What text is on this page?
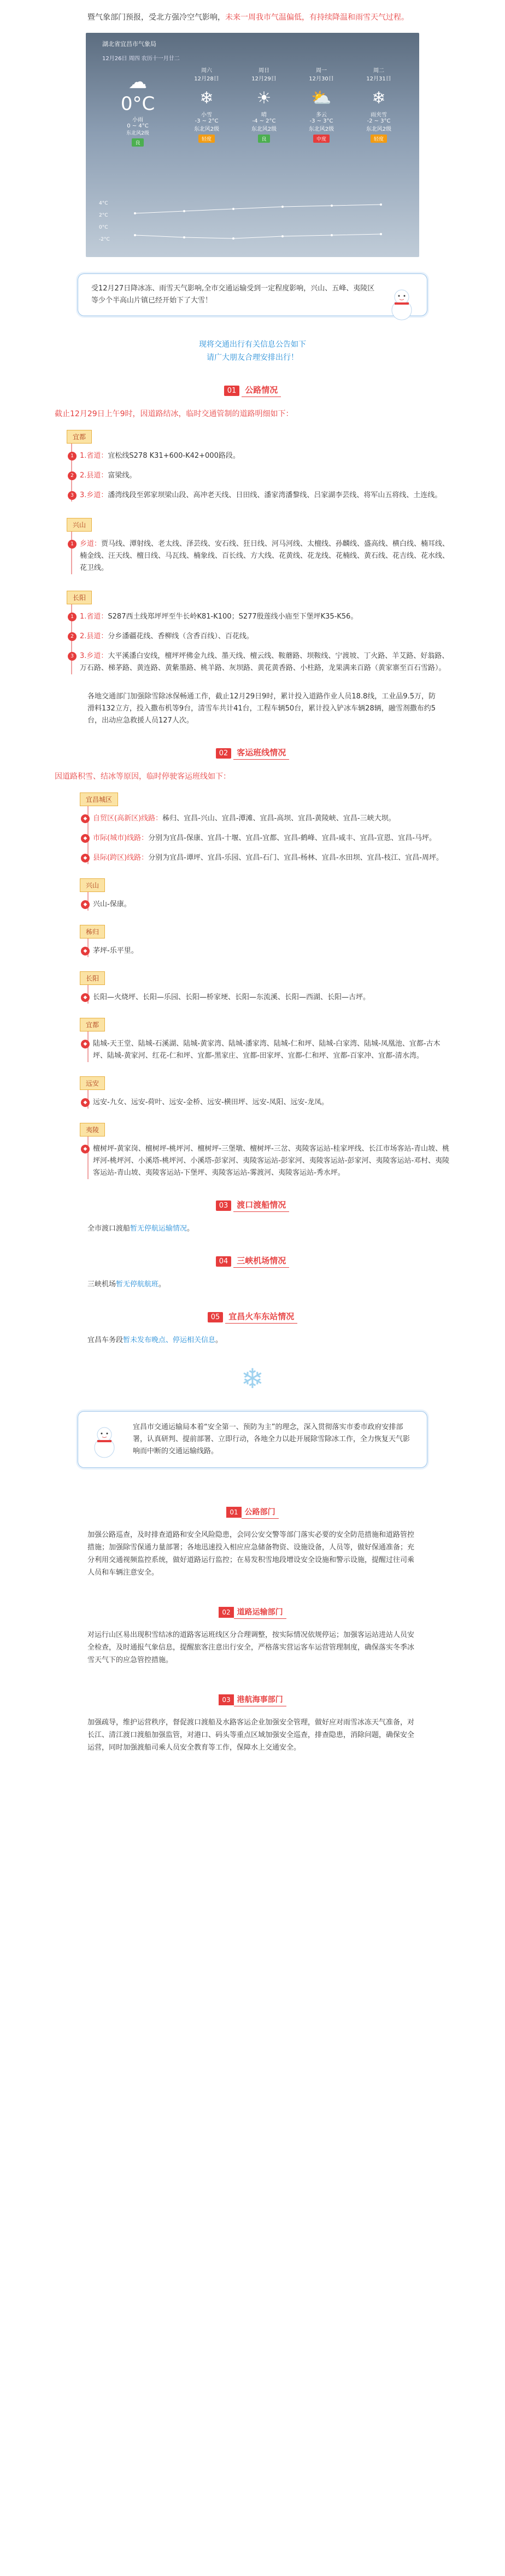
暨气象部门预报，受北方强冷空气影响，未来一周我市气温偏低，有持续降温和雨雪天气过程。
湖北省宜昌市气象局
12月26日 周四 农历十一月廿二
☁
0°C
小雨
0 ~ 4°C
东北风2级
良
周六
12月28日
❄
小雪
-3 ~ 2°C
东北风2级
轻度
周日
12月29日
☀
晴
-4 ~ 2°C
东北风2级
良
周一
12月30日
⛅
多云
-3 ~ 3°C
东北风2级
中度
周二
12月31日
❄
雨夹雪
-2 ~ 3°C
东北风2级
轻度
4°C
2°C
0°C
-2°C
受12月27日降冰冻、雨雪天气影响,全市交通运输受到一定程度影响，兴山、五峰、夷陵区等少个半高山片镇已经开始下了大雪！
现将交通出行有关信息公告如下
请广大朋友合理安排出行！
01 公路情况
截止12月29日上午9时，因道路结冰，临时交通管制的道路明细如下：
宜都
1 1.省道：宜松线S278 K31+600-K42+000路段。
2 2.县道：富梁线。
3 3.乡道：潘湾线段至郭家坝梁山段、高冲老天线、日田线、潘家湾潘黎线、吕家湖李芸线、将军山五将线、土连线。
兴山
1 乡道：贾马线、潭射线、老太线、泽芸线、安石线、狂日线、河马河线、太檀线、孙麟线、盛高线、横白线、楠耳线、楠金线、汪天线、檀日线、马瓦线、楠象线、百长线、方大线、花黄线、花龙线、花楠线、黄石线、花吉线、花水线、花卫线。
长阳
1 1.省道：S287西土线郑坪坪至牛长岭K81-K100；S277殷莲线小庙至下堡坪K35-K56。
2 2.县道：分乡潘疆花线、香柳线（含香百线）、百花线。
3 3.乡道：大平溪潘白安线，檀坪坪佛金九线、墨天线、檀云线、鞍蘑路、坝鞍线、宁渡坡、丁火路、羊艾路、好翁路、万石路、梯茅路、黄连路、黄紫墨路、桃羊路、灰坝路、黄花黄香路、小柱路，龙果满来百路（黄家寨至百石雪路）。
各地交通部门加强除雪除冰保畅通工作，截止12月29日9时，累计投入道路作业人员18.8线，工业品9.5万，防滑料132立方，投入撒布机等9台，清雪车共计41台，工程车辆50台，累计投入铲冰车辆28辆，融雪剂撒布约5台，出动应急救援人员127人次。
02 客运班线情况
因道路积雪、结冰等原因，临时停驶客运班线如下：
宜昌城区
◆ 自贸区(高新区)线路：秭归、宜昌-兴山、宜昌-潭滩、宜昌-高坝、宜昌-黄陵峡、宜昌-三峡大坝。
◆ 市际(城市)线路：分别为宜昌-保康、宜昌-十堰、宜昌-宜都、宜昌-鹤峰、宜昌-咸丰、宜昌-宣恩、宜昌-马坪。
◆ 县际(跨区)线路：分别为宜昌-谭坪、宜昌-乐园、宜昌-石门、宜昌-杨林、宜昌-水田坝、宜昌-枝江、宜昌-周坪。
兴山
◆ 兴山-保康。
秭归
◆ 茅坪-乐平里。
长阳
◆ 长阳—火烧坪、长阳—乐园、长阳—桥家埂、长阳—东流溪、长阳—西湖、长阳—古坪。
宜都
◆ 陆城-天王堂、陆城-石溪湖、陆城-黄家湾、陆城-潘家湾、陆城-仁和坪、陆城-白家湾、陆城-凤凰池、宜都-古木坪、陆城-黄家河、红花-仁和坪、宜都-黑家庄、宜都-田家坪、宜都-仁和坪、宜都-百家冲、宜都-清水湾。
远安
◆ 远安-九女、远安-荷叶、远安-金桥、远安-横田坪、远安-凤阳、远安-龙凤。
夷陵
◆ 檀树坪-黄家岗、檀树坪-桃坪河、檀树坪-三堡墩、檀树坪-三岔、夷陵客运站-桂家坪线、长江市场客站-青山坡、桃坪河-桃坪河、小溪塔-桃坪河、小溪塔-彭家河、夷陵客运站-彭家河、夷陵客运站-彭家河、夷陵客运站-邓村、夷陵客运站-青山坡、夷陵客运站-下堡坪、夷陵客运站-雾渡河、夷陵客运站-秀水坪。
03 渡口渡船情况
全市渡口渡船暂无停航运输情况。
04 三峡机场情况
三峡机场暂无停航航班。
05 宜昌火车东站情况
宜昌车务段暂未发布晚点、停运相关信息。
❄
宜昌市交通运输局本着“安全第一、预防为主”的理念，深入贯彻落实市委市政府安排部署，认真研判、提前部署、立即行动，各地全力以赴开展除雪除冰工作，全力恢复天气影响而中断的交通运输线路。
01 公路部门
加强公路巡查，及时排查道路和安全风险隐患，会同公安交警等部门落实必要的安全防范措施和道路管控措施；加强除雪保通力量部署；各地迅速投入相应应急储备物资、设施设备，人员等，做好保通准备；充分利用交通视频监控系统，做好道路运行监控；在易发积雪地段增设安全设施和警示设施，提醒过往司乘人员和车辆注意安全。
02 道路运输部门
对运行山区易出现积雪结冰的道路客运班线区分合理调整，按实际情况依规停运；加强客运站进站人员安全检查，及时通报气象信息，提醒旅客注意出行安全，严格落实营运客车运营管理制度，确保落实冬季冰雪天气下的应急管控措施。
03 港航海事部门
加强疏导，维护运营秩序，督促渡口渡船及水路客运企业加强安全管理，做好应对雨雪冰冻天气准备，对长江、清江渡口渡船加强监管，对港口、码头等重点区域加强安全巡查，排查隐患，消除问题，确保安全运营，同时加强渡船司乘人员安全教育等工作，保障水上交通安全。
